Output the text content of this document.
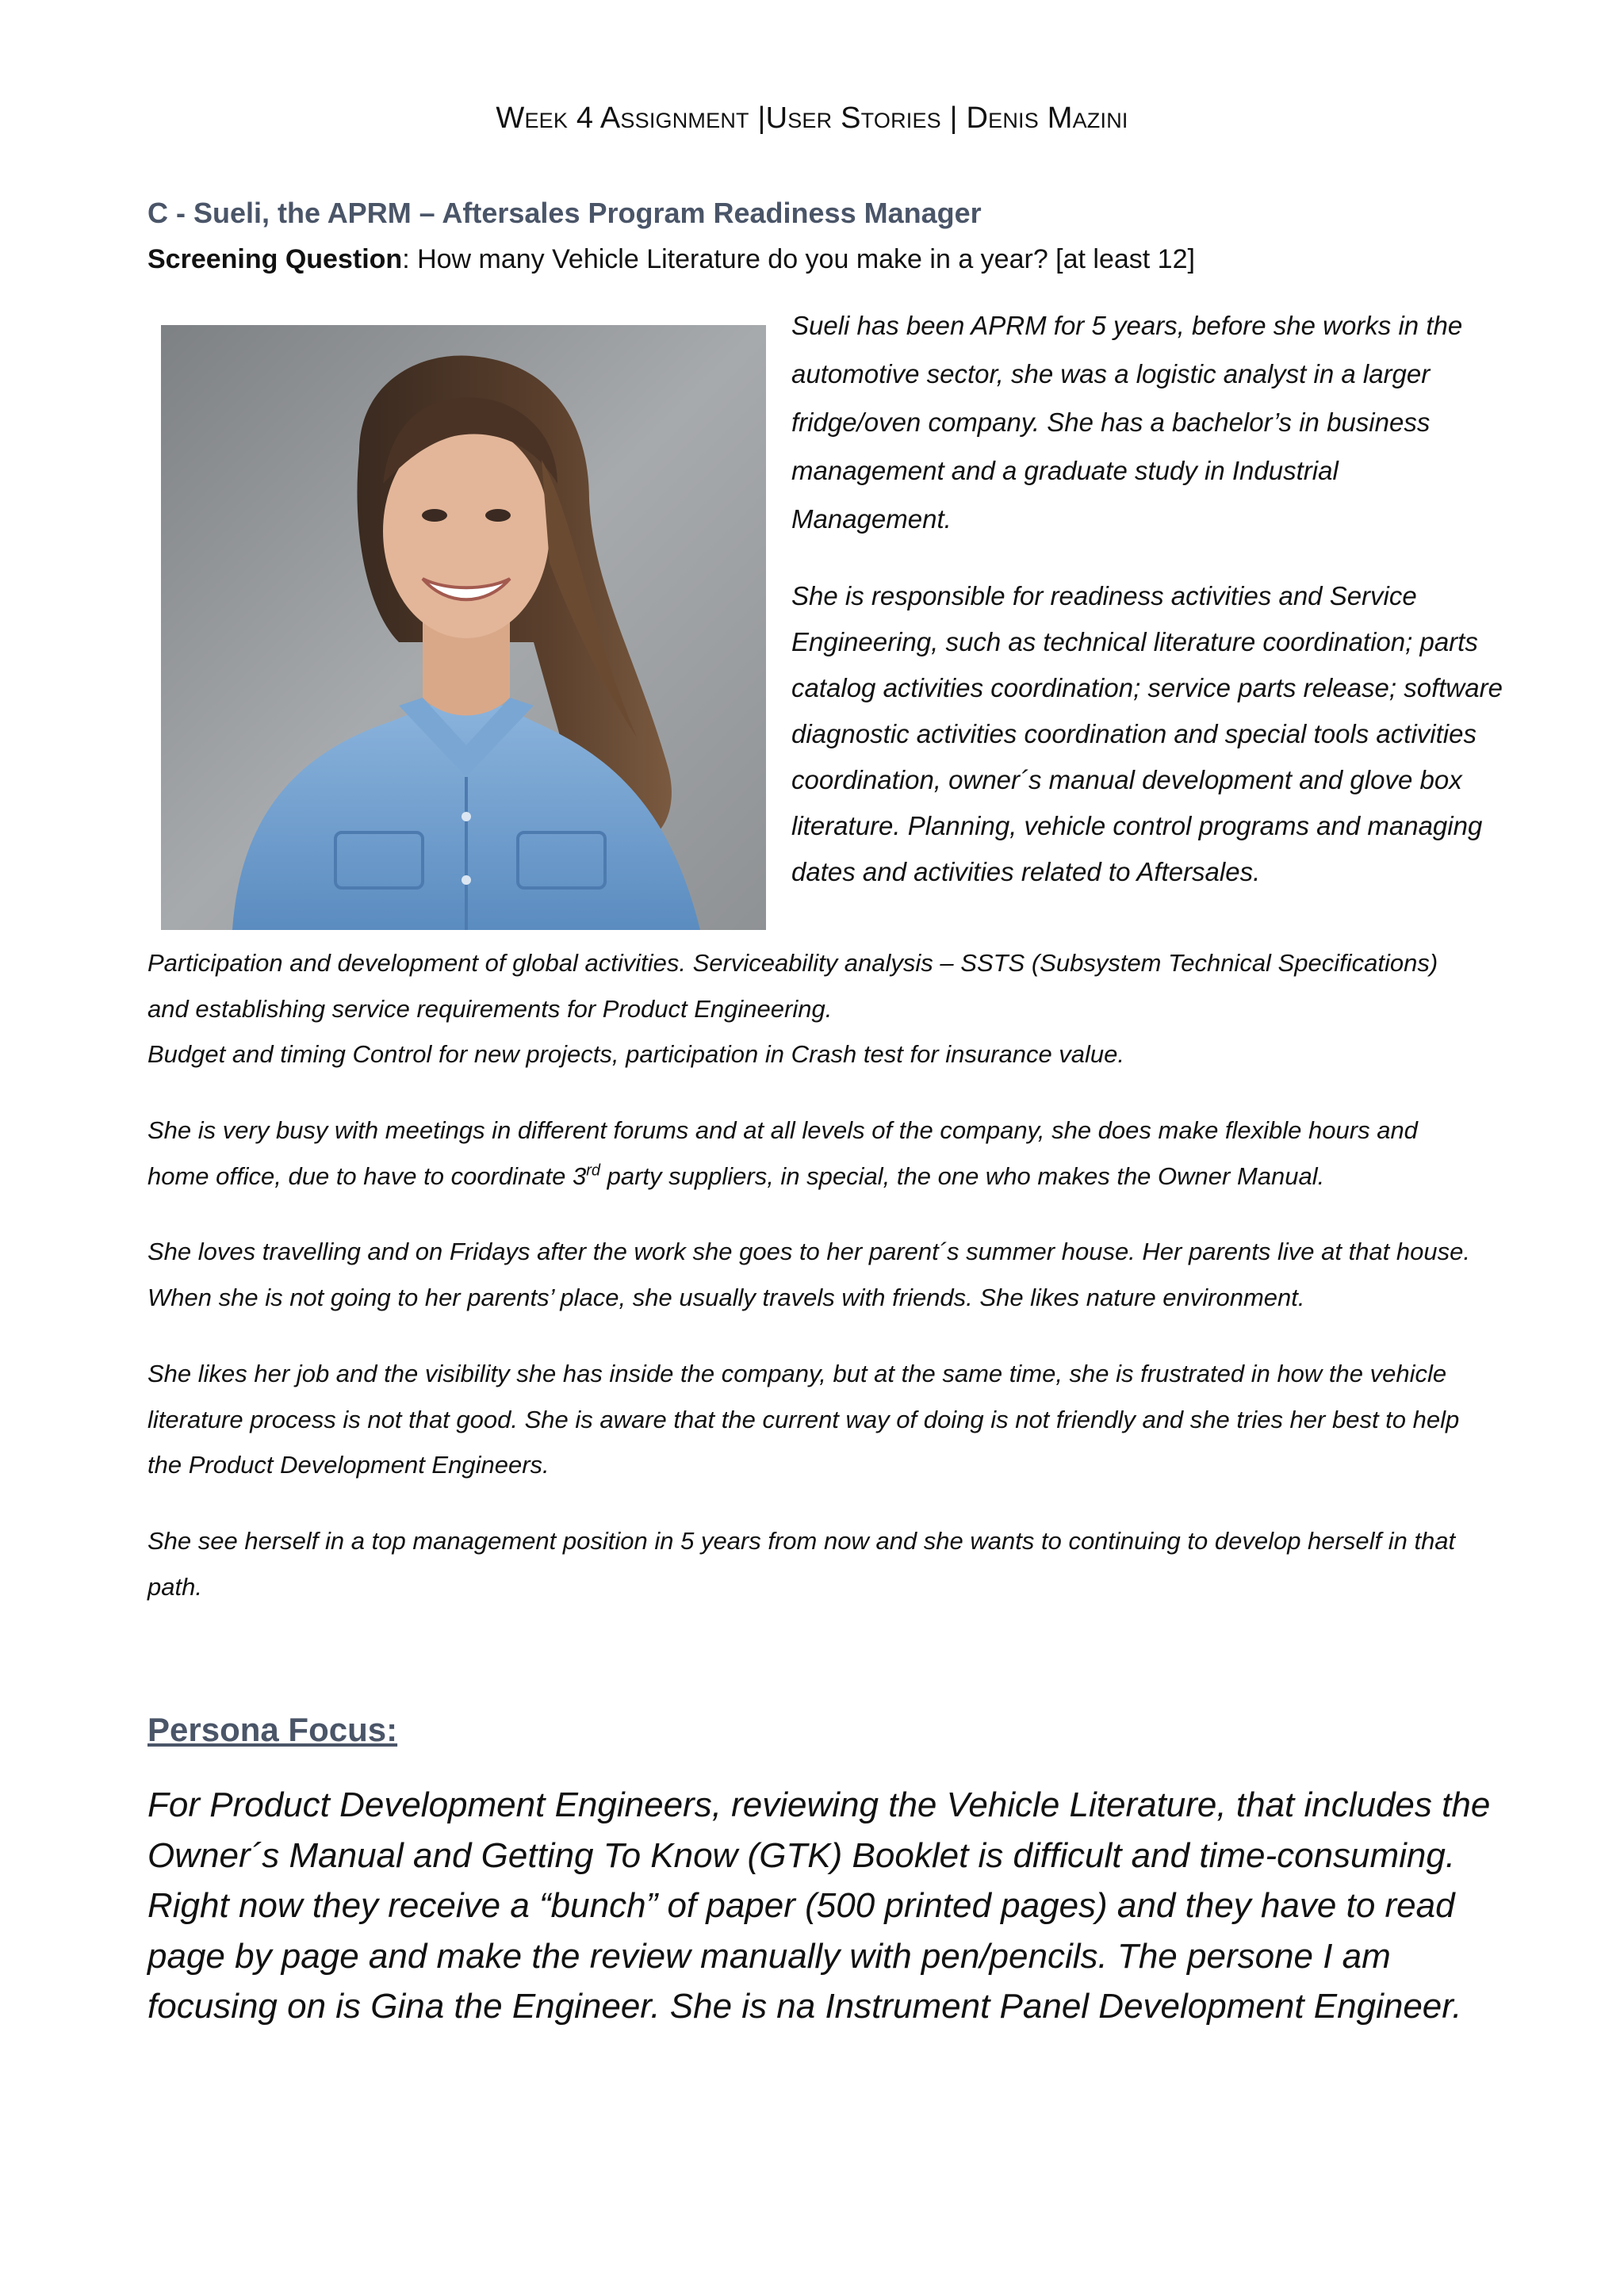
Week 4 Assignment |User Stories | Denis Mazini
C - Sueli, the APRM – Aftersales Program Readiness Manager
Screening Question: How many Vehicle Literature do you make in a year? [at least 12]

Sueli has been APRM for 5 years, before she works in the automotive sector, she was a logistic analyst in a larger fridge/oven company. She has a bachelor’s in business management and a graduate study in Industrial Management.

She is responsible for readiness activities and Service Engineering, such as technical literature coordination; parts catalog activities coordination; service parts release; software diagnostic activities coordination and special tools activities coordination, owner´s manual development and glove box literature. Planning, vehicle control programs and managing dates and activities related to Aftersales.

Participation and development of global activities. Serviceability analysis – SSTS (Subsystem Technical Specifications) and establishing service requirements for Product Engineering.

Budget and timing Control for new projects, participation in Crash test for insurance value.

She is very busy with meetings in different forums and at all levels of the company, she does make flexible hours and home office, due to have to coordinate 3rd party suppliers, in special, the one who makes the Owner Manual.

She loves travelling and on Fridays after the work she goes to her parent´s summer house. Her parents live at that house. When she is not going to her parents’ place, she usually travels with friends. She likes nature environment.

She likes her job and the visibility she has inside the company, but at the same time, she is frustrated in how the vehicle literature process is not that good. She is aware that the current way of doing is not friendly and she tries her best to help the Product Development Engineers.

She see herself in a top management position in 5 years from now and she wants to continuing to develop herself in that path.

Persona Focus:
For Product Development Engineers, reviewing the Vehicle Literature, that includes the Owner´s Manual and Getting To Know (GTK) Booklet is difficult and time-consuming. Right now they receive a “bunch” of paper (500 printed pages) and they have to read page by page and make the review manually with pen/pencils. The persone I am focusing on is Gina the Engineer. She is na Instrument Panel Development Engineer.
